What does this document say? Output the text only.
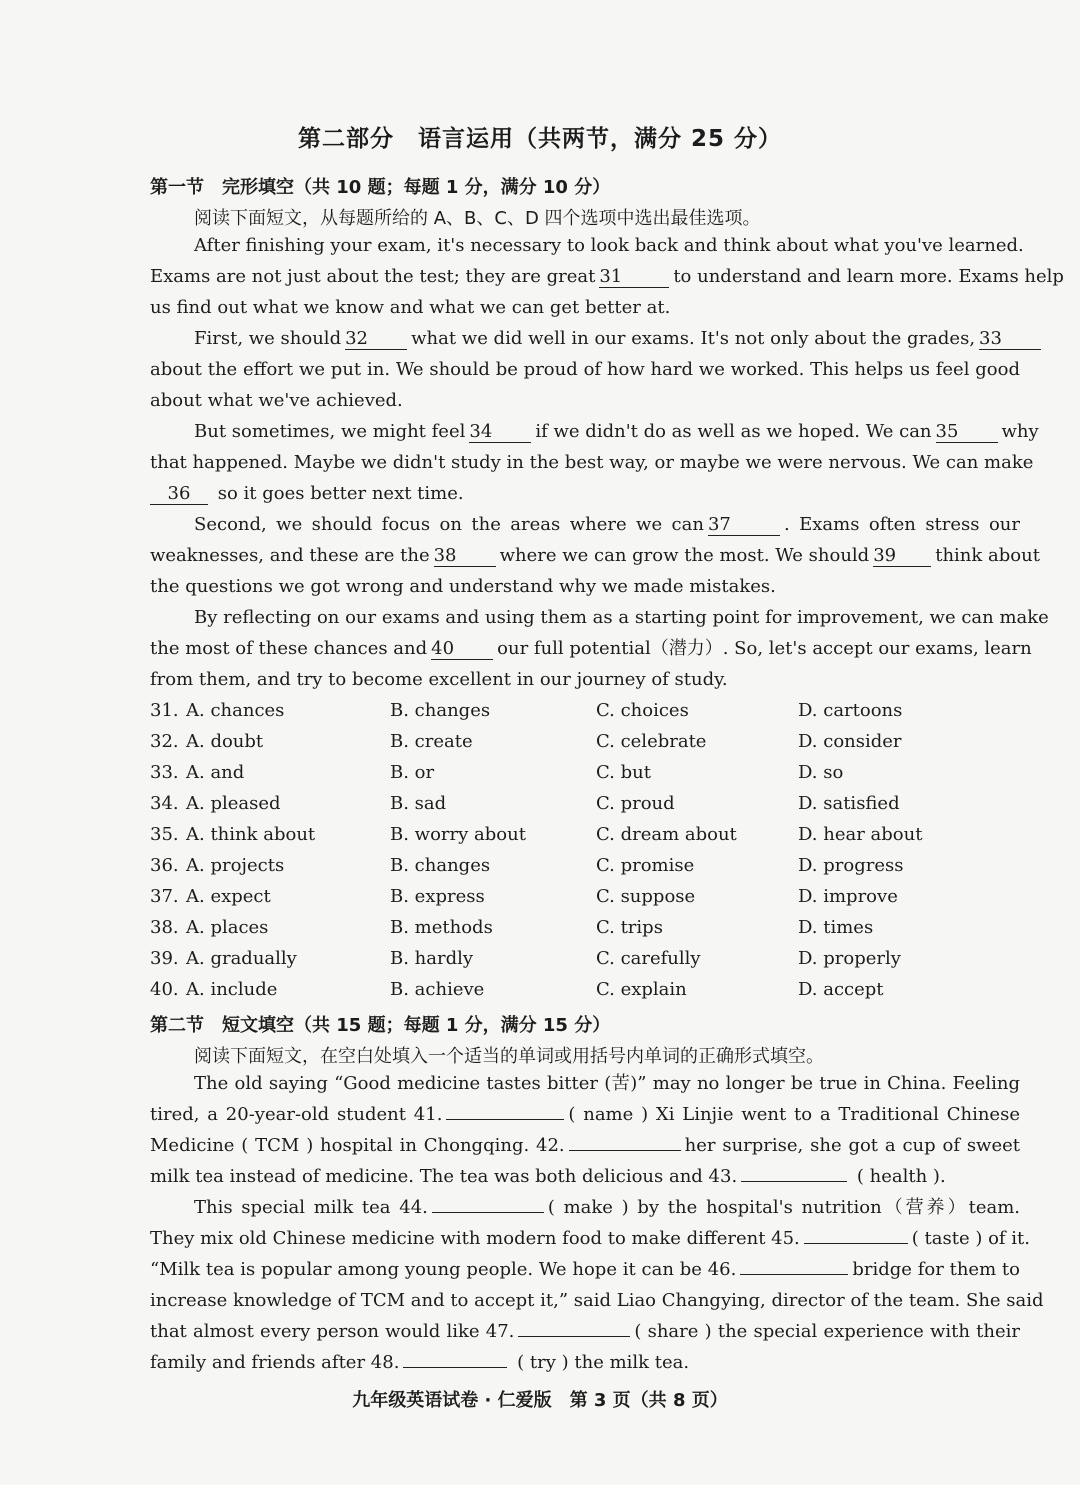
第二部分　语言运用（共两节，满分 25 分）
第一节　完形填空（共 10 题；每题 1 分，满分 10 分）
阅读下面短文，从每题所给的 A、B、C、D 四个选项中选出最佳选项。
After finishing your exam, it's necessary to look back and think about what you've learned.
Exams are not just about the test; they are great 31	to understand and learn more. Exams help
us find out what we know and what we can get better at.
First, we should 32 what we did well in our exams. It's not only about the grades, 33
about the effort we put in. We should be proud of how hard we worked. This helps us feel good
about what we've achieved.
But sometimes, we might feel 34 if we didn't do as well as we hoped. We can 35 why
that happened. Maybe we didn't study in the best way, or maybe we were nervous. We can make
36 so it goes better next time.
Second, we should focus on the areas where we can 37	. Exams often stress our
weaknesses, and these are the 38 where we can grow the most. We should 39 think about
the questions we got wrong and understand why we made mistakes.
By reflecting on our exams and using them as a starting point for improvement, we can make
the most of these chances and 40 our full potential（潜力）. So, let's accept our exams, learn
from them, and try to become excellent in our journey of study.
31. A. chances	B. changes	C. choices	D. cartoons
32. A. doubt	B. create	C. celebrate	D. consider
33. A. and	B. or	C. but	D. so
34. A. pleased	B. sad	C. proud	D. satisfied
35. A. think about	B. worry about	C. dream about	D. hear about
36. A. projects	B. changes	C. promise	D. progress
37. A. expect	B. express	C. suppose	D. improve
38. A. places	B. methods	C. trips	D. times
39. A. gradually	B. hardly	C. carefully	D. properly
40. A. include	B. achieve	C. explain	D. accept
第二节　短文填空（共 15 题；每题 1 分，满分 15 分）
阅读下面短文，在空白处填入一个适当的单词或用括号内单词的正确形式填空。
The old saying “Good medicine tastes bitter (苦)” may no longer be true in China. Feeling
tired, a 20-year-old student 41.	( name ) Xi Linjie went to a Traditional Chinese
Medicine ( TCM ) hospital in Chongqing. 42.	her surprise, she got a cup of sweet
milk tea instead of medicine. The tea was both delicious and 43.	( health ).
This special milk tea 44.	( make ) by the hospital's nutrition（营养）team.
They mix old Chinese medicine with modern food to make different 45.	( taste ) of it.
“Milk tea is popular among young people. We hope it can be 46.	bridge for them to
increase knowledge of TCM and to accept it,” said Liao Changying, director of the team. She said
that almost every person would like 47.	( share ) the special experience with their
family and friends after 48.	( try ) the milk tea.
九年级英语试卷 · 仁爱版　第 3 页（共 8 页）
